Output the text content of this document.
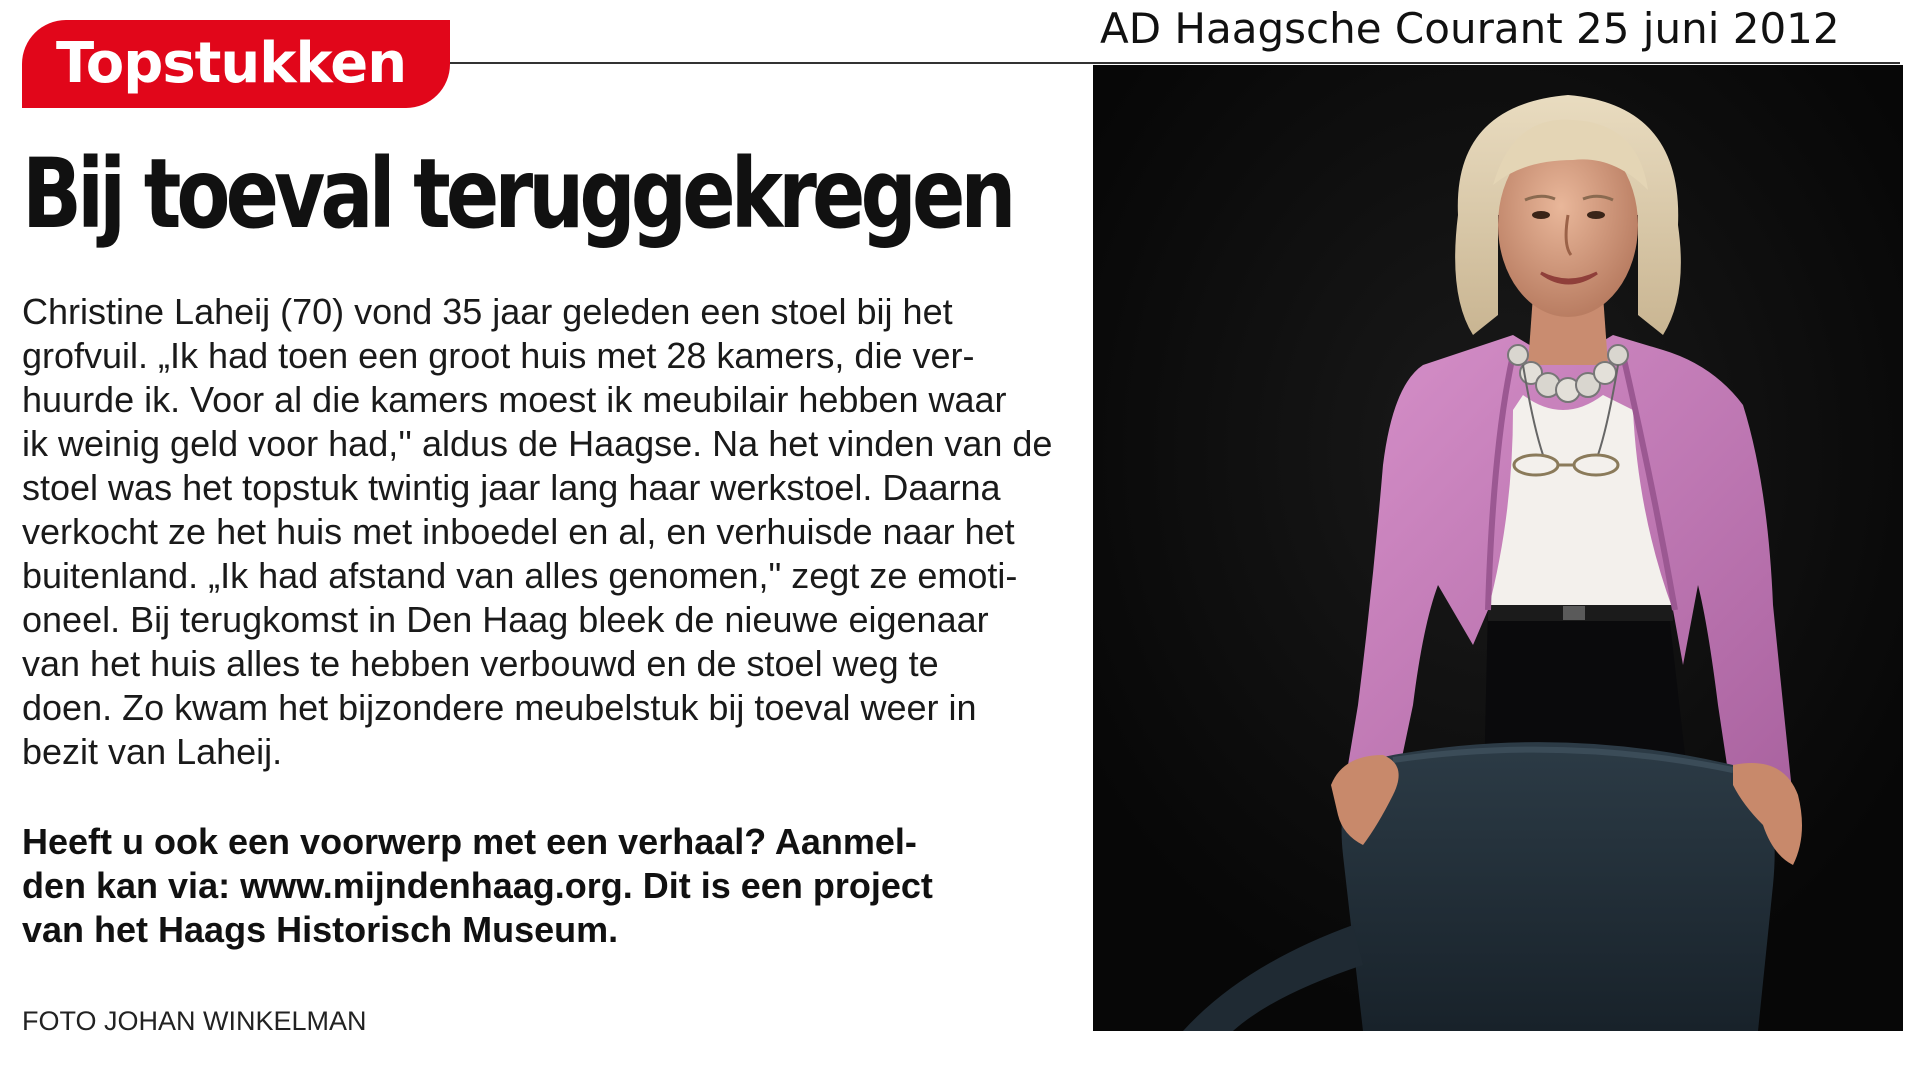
AD Haagsche Courant 25 juni 2012
Topstukken
Bij toeval teruggekregen
Christine Laheij (70) vond 35 jaar geleden een stoel bij het
grofvuil. „Ik had toen een groot huis met 28 kamers, die ver-
huurde ik. Voor al die kamers moest ik meubilair hebben waar
ik weinig geld voor had,'' aldus de Haagse. Na het vinden van de
stoel was het topstuk twintig jaar lang haar werkstoel. Daarna
verkocht ze het huis met inboedel en al, en verhuisde naar het
buitenland. „Ik had afstand van alles genomen," zegt ze emoti-
oneel. Bij terugkomst in Den Haag bleek de nieuwe eigenaar
van het huis alles te hebben verbouwd en de stoel weg te
doen. Zo kwam het bijzondere meubelstuk bij toeval weer in
bezit van Laheij.
Heeft u ook een voorwerp met een verhaal? Aanmel-
den kan via: www.mijndenhaag.org. Dit is een project
van het Haags Historisch Museum.
FOTO JOHAN WINKELMAN
